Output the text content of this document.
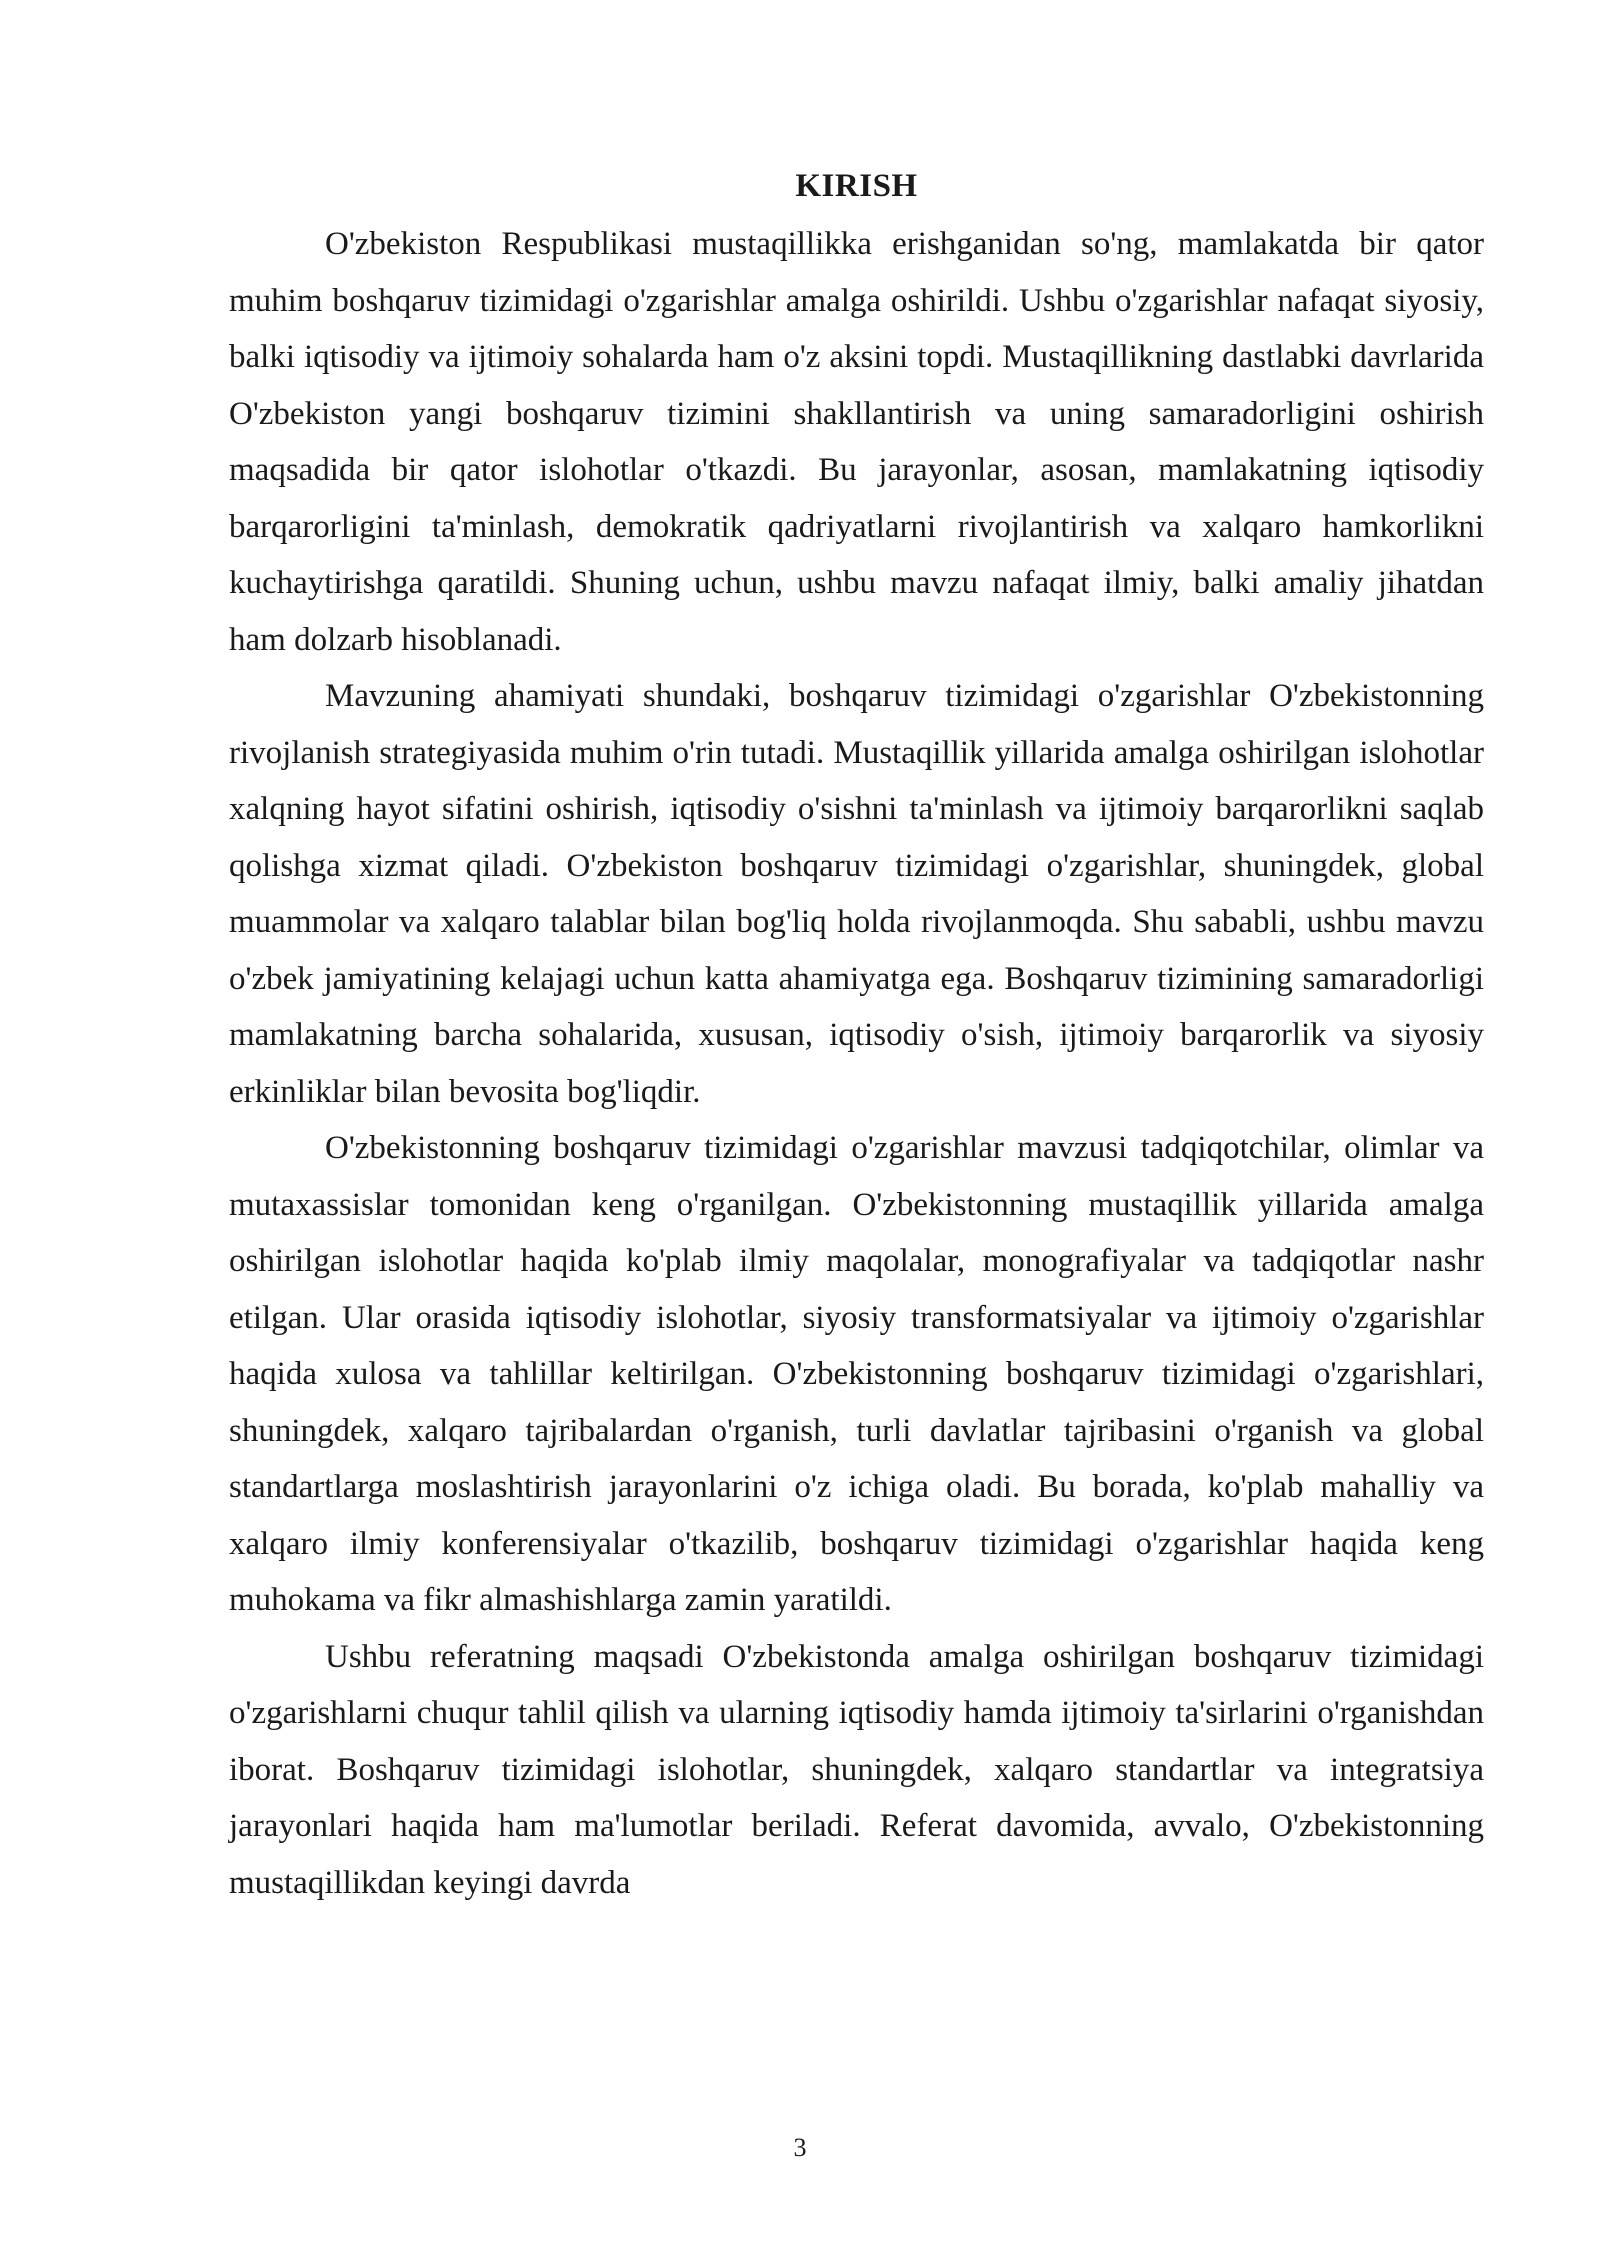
KIRISH

O'zbekiston Respublikasi mustaqillikka erishganidan so'ng, mamlakatda bir qator muhim boshqaruv tizimidagi o'zgarishlar amalga oshirildi. Ushbu o'zgarishlar nafaqat siyosiy, balki iqtisodiy va ijtimoiy sohalarda ham o'z aksini topdi. Mustaqillikning dastlabki davrlarida O'zbekiston yangi boshqaruv tizimini shakllantirish va uning samaradorligini oshirish maqsadida bir qator islohotlar o'tkazdi. Bu jarayonlar, asosan, mamlakatning iqtisodiy barqarorligini ta'minlash, demokratik qadriyatlarni rivojlantirish va xalqaro hamkorlikni kuchaytirishga qaratildi. Shuning uchun, ushbu mavzu nafaqat ilmiy, balki amaliy jihatdan ham dolzarb hisoblanadi.

Mavzuning ahamiyati shundaki, boshqaruv tizimidagi o'zgarishlar O'zbekistonning rivojlanish strategiyasida muhim o'rin tutadi. Mustaqillik yillarida amalga oshirilgan islohotlar xalqning hayot sifatini oshirish, iqtisodiy o'sishni ta'minlash va ijtimoiy barqarorlikni saqlab qolishga xizmat qiladi. O'zbekiston boshqaruv tizimidagi o'zgarishlar, shuningdek, global muammolar va xalqaro talablar bilan bog'liq holda rivojlanmoqda. Shu sababli, ushbu mavzu o'zbek jamiyatining kelajagi uchun katta ahamiyatga ega. Boshqaruv tizimining samaradorligi mamlakatning barcha sohalarida, xususan, iqtisodiy o'sish, ijtimoiy barqarorlik va siyosiy erkinliklar bilan bevosita bog'liqdir.

O'zbekistonning boshqaruv tizimidagi o'zgarishlar mavzusi tadqiqotchilar, olimlar va mutaxassislar tomonidan keng o'rganilgan. O'zbekistonning mustaqillik yillarida amalga oshirilgan islohotlar haqida ko'plab ilmiy maqolalar, monografiyalar va tadqiqotlar nashr etilgan. Ular orasida iqtisodiy islohotlar, siyosiy transformatsiyalar va ijtimoiy o'zgarishlar haqida xulosa va tahlillar keltirilgan. O'zbekistonning boshqaruv tizimidagi o'zgarishlari, shuningdek, xalqaro tajribalardan o'rganish, turli davlatlar tajribasini o'rganish va global standartlarga moslashtirish jarayonlarini o'z ichiga oladi. Bu borada, ko'plab mahalliy va xalqaro ilmiy konferensiyalar o'tkazilib, boshqaruv tizimidagi o'zgarishlar haqida keng muhokama va fikr almashishlarga zamin yaratildi.

Ushbu referatning maqsadi O'zbekistonda amalga oshirilgan boshqaruv tizimidagi o'zgarishlarni chuqur tahlil qilish va ularning iqtisodiy hamda ijtimoiy ta'sirlarini o'rganishdan iborat. Boshqaruv tizimidagi islohotlar, shuningdek, xalqaro standartlar va integratsiya jarayonlari haqida ham ma'lumotlar beriladi. Referat davomida, avvalo, O'zbekistonning mustaqillikdan keyingi davrda

3
